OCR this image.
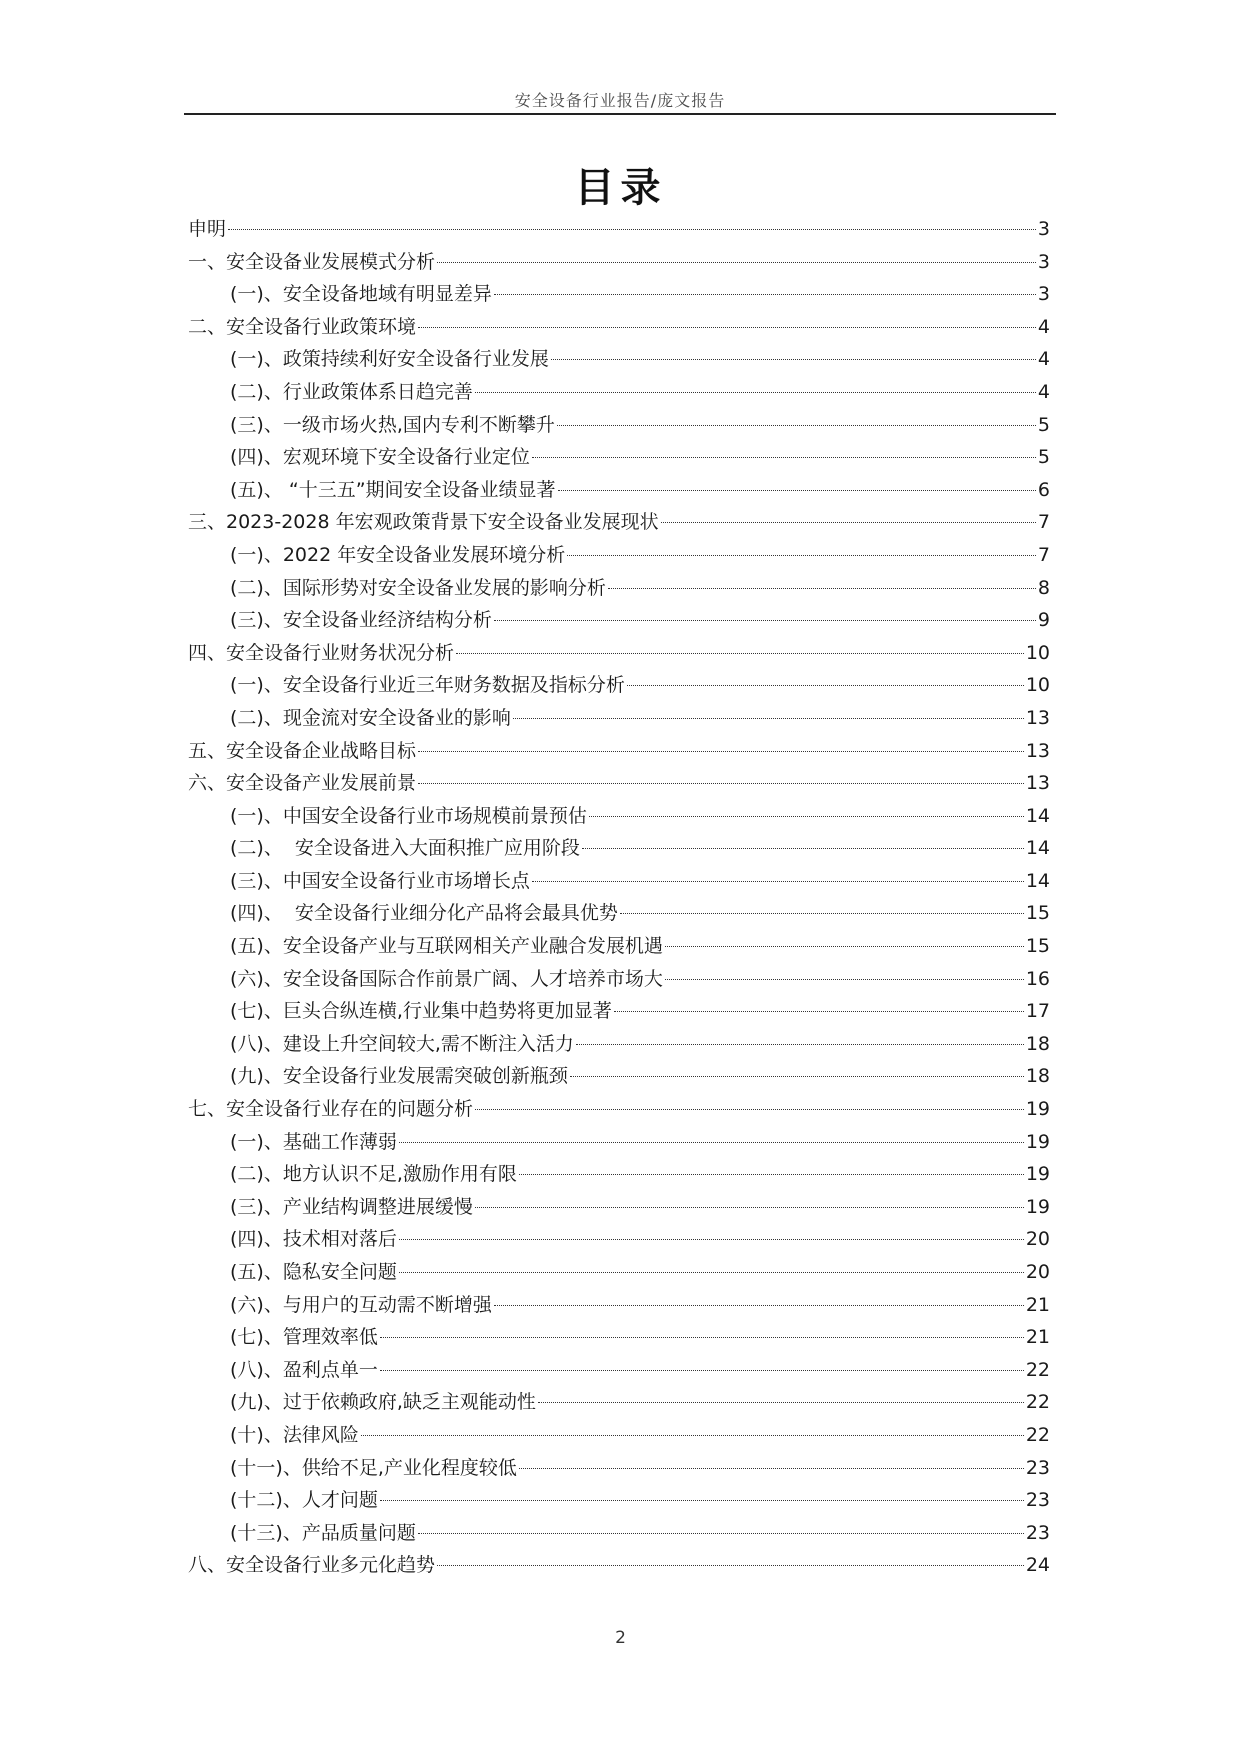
安全设备行业报告/庞文报告
目录
申明	3
一、安全设备业发展模式分析	3
(一)、安全设备地域有明显差异	3
二、安全设备行业政策环境	4
(一)、政策持续利好安全设备行业发展	4
(二)、行业政策体系日趋完善	4
(三)、一级市场火热,国内专利不断攀升	5
(四)、宏观环境下安全设备行业定位	5
(五)、 “十三五”期间安全设备业绩显著	6
三、2023-2028 年宏观政策背景下安全设备业发展现状	7
(一)、2022 年安全设备业发展环境分析	7
(二)、国际形势对安全设备业发展的影响分析	8
(三)、安全设备业经济结构分析	9
四、安全设备行业财务状况分析	10
(一)、安全设备行业近三年财务数据及指标分析	10
(二)、现金流对安全设备业的影响	13
五、安全设备企业战略目标	13
六、安全设备产业发展前景	13
(一)、中国安全设备行业市场规模前景预估	14
(二)、  安全设备进入大面积推广应用阶段	14
(三)、中国安全设备行业市场增长点	14
(四)、  安全设备行业细分化产品将会最具优势	15
(五)、安全设备产业与互联网相关产业融合发展机遇	15
(六)、安全设备国际合作前景广阔、人才培养市场大	16
(七)、巨头合纵连横,行业集中趋势将更加显著	17
(八)、建设上升空间较大,需不断注入活力	18
(九)、安全设备行业发展需突破创新瓶颈	18
七、安全设备行业存在的问题分析	19
(一)、基础工作薄弱	19
(二)、地方认识不足,激励作用有限	19
(三)、产业结构调整进展缓慢	19
(四)、技术相对落后	20
(五)、隐私安全问题	20
(六)、与用户的互动需不断增强	21
(七)、管理效率低	21
(八)、盈利点单一	22
(九)、过于依赖政府,缺乏主观能动性	22
(十)、法律风险	22
(十一)、供给不足,产业化程度较低	23
(十二)、人才问题	23
(十三)、产品质量问题	23
八、安全设备行业多元化趋势	24
2
